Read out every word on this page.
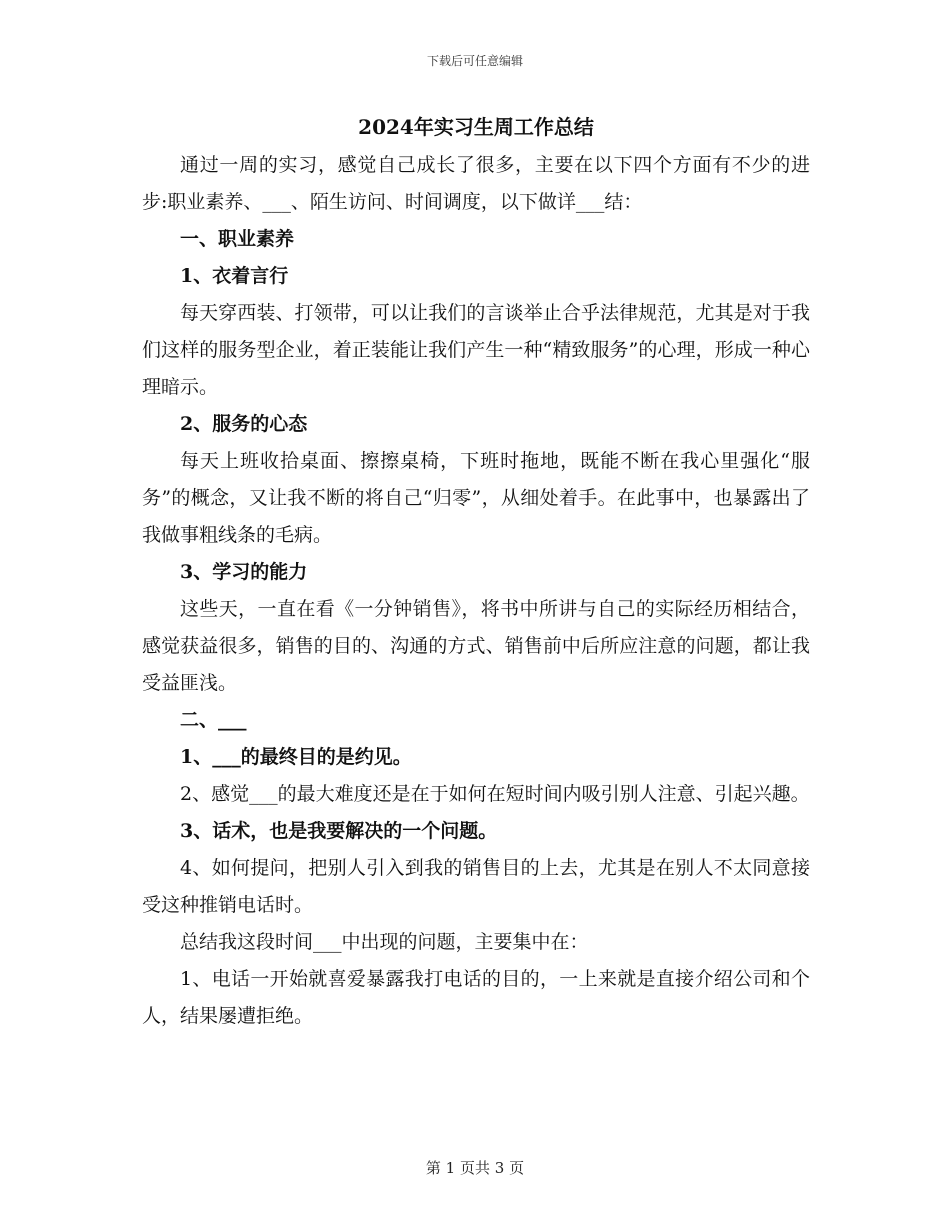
下载后可任意编辑
2024年实习生周工作总结

通过一周的实习，感觉自己成长了很多，主要在以下四个方面有不少的进步:职业素养、___、陌生访问、时间调度，以下做详___结：

一、职业素养

1、衣着言行

每天穿西装、打领带，可以让我们的言谈举止合乎法律规范，尤其是对于我们这样的服务型企业，着正装能让我们产生一种“精致服务”的心理，形成一种心理暗示。

2、服务的心态

每天上班收拾桌面、擦擦桌椅，下班时拖地，既能不断在我心里强化“服务”的概念，又让我不断的将自己“归零”，从细处着手。在此事中，也暴露出了我做事粗线条的毛病。

3、学习的能力

这些天，一直在看《一分钟销售》，将书中所讲与自己的实际经历相结合，感觉获益很多，销售的目的、沟通的方式、销售前中后所应注意的问题，都让我受益匪浅。

二、___

1、___的最终目的是约见。

2、感觉___的最大难度还是在于如何在短时间内吸引别人注意、引起兴趣。

3、话术，也是我要解决的一个问题。

4、如何提问，把别人引入到我的销售目的上去，尤其是在别人不太同意接受这种推销电话时。

总结我这段时间___中出现的问题，主要集中在：

1、电话一开始就喜爱暴露我打电话的目的，一上来就是直接介绍公司和个人，结果屡遭拒绝。

第 1 页共 3 页
